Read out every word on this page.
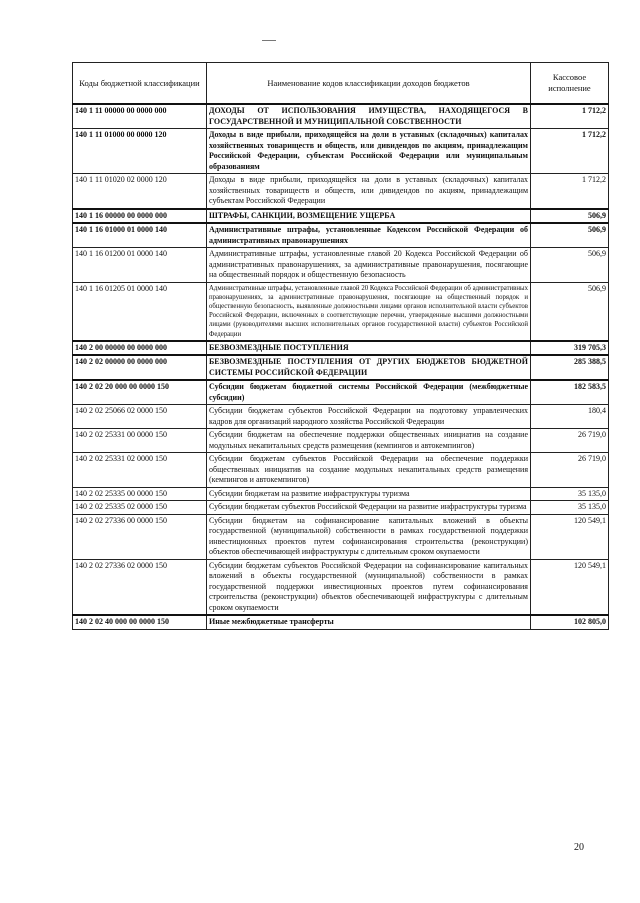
Коды бюджетной классификации	Наименование кодов классификации доходов бюджетов	Кассовое исполнение
140 1 11 00000 00 0000 000	ДОХОДЫ ОТ ИСПОЛЬЗОВАНИЯ ИМУЩЕСТВА, НАХОДЯЩЕГОСЯ В ГОСУДАРСТВЕННОЙ И МУНИЦИПАЛЬНОЙ СОБСТВЕННОСТИ	1 712,2
140 1 11 01000 00 0000 120	Доходы в виде прибыли, приходящейся на доли в уставных (складочных) капиталах хозяйственных товариществ и обществ, или дивидендов по акциям, принадлежащим Российской Федерации, субъектам Российской Федерации или муниципальным образованиям	1 712,2
140 1 11 01020 02 0000 120	Доходы в виде прибыли, приходящейся на доли в уставных (складочных) капиталах хозяйственных товариществ и обществ, или дивидендов по акциям, принадлежащим субъектам Российской Федерации	1 712,2
140 1 16 00000 00 0000 000	ШТРАФЫ, САНКЦИИ, ВОЗМЕЩЕНИЕ УЩЕРБА	506,9
140 1 16 01000 01 0000 140	Административные штрафы, установленные Кодексом Российской Федерации об административных правонарушениях	506,9
140 1 16 01200 01 0000 140	Административные штрафы, установленные главой 20 Кодекса Российской Федерации об административных правонарушениях, за административные правонарушения, посягающие на общественный порядок и общественную безопасность	506,9
140 1 16 01205 01 0000 140	Административные штрафы, установленные главой 20 Кодекса Российской Федерации об административных правонарушениях, за административные правонарушения, посягающие на общественный порядок и общественную безопасность, выявленные должностными лицами органов исполнительной власти субъектов Российской Федерации, включенных в соответствующие перечни, утвержденные высшими должностными лицами (руководителями высших исполнительных органов государственной власти) субъектов Российской Федерации	506,9
140 2 00 00000 00 0000 000	БЕЗВОЗМЕЗДНЫЕ ПОСТУПЛЕНИЯ	319 705,3
140 2 02 00000 00 0000 000	БЕЗВОЗМЕЗДНЫЕ ПОСТУПЛЕНИЯ ОТ ДРУГИХ БЮДЖЕТОВ БЮДЖЕТНОЙ СИСТЕМЫ РОССИЙСКОЙ ФЕДЕРАЦИИ	285 388,5
140 2 02 20 000 00 0000 150	Субсидии бюджетам бюджетной системы Российской Федерации (межбюджетные субсидии)	182 583,5
140 2 02 25066 02 0000 150	Субсидии бюджетам субъектов Российской Федерации на подготовку управленческих кадров для организаций народного хозяйства Российской Федерации	180,4
140 2 02 25331 00 0000 150	Субсидии бюджетам на обеспечение поддержки общественных инициатив на создание модульных некапитальных средств размещения (кемпингов и автокемпингов)	26 719,0
140 2 02 25331 02 0000 150	Субсидии бюджетам субъектов Российской Федерации на обеспечение поддержки общественных инициатив на создание модульных некапитальных средств размещения (кемпингов и автокемпингов)	26 719,0
140 2 02 25335 00 0000 150	Субсидии бюджетам на развитие инфраструктуры туризма	35 135,0
140 2 02 25335 02 0000 150	Субсидии бюджетам субъектов Российской Федерации на развитие инфраструктуры туризма	35 135,0
140 2 02 27336 00 0000 150	Субсидии бюджетам на софинансирование капитальных вложений в объекты государственной (муниципальной) собственности в рамках государственной поддержки инвестиционных проектов путем софинансирования строительства (реконструкции) объектов обеспечивающей инфраструктуры с длительным сроком окупаемости	120 549,1
140 2 02 27336 02 0000 150	Субсидии бюджетам субъектов Российской Федерации на софинансирование капитальных вложений в объекты государственной (муниципальной) собственности в рамках государственной поддержки инвестиционных проектов путем софинансирования строительства (реконструкции) объектов обеспечивающей инфраструктуры с длительным сроком окупаемости	120 549,1
140 2 02 40 000 00 0000 150	Иные межбюджетные трансферты	102 805,0
20
